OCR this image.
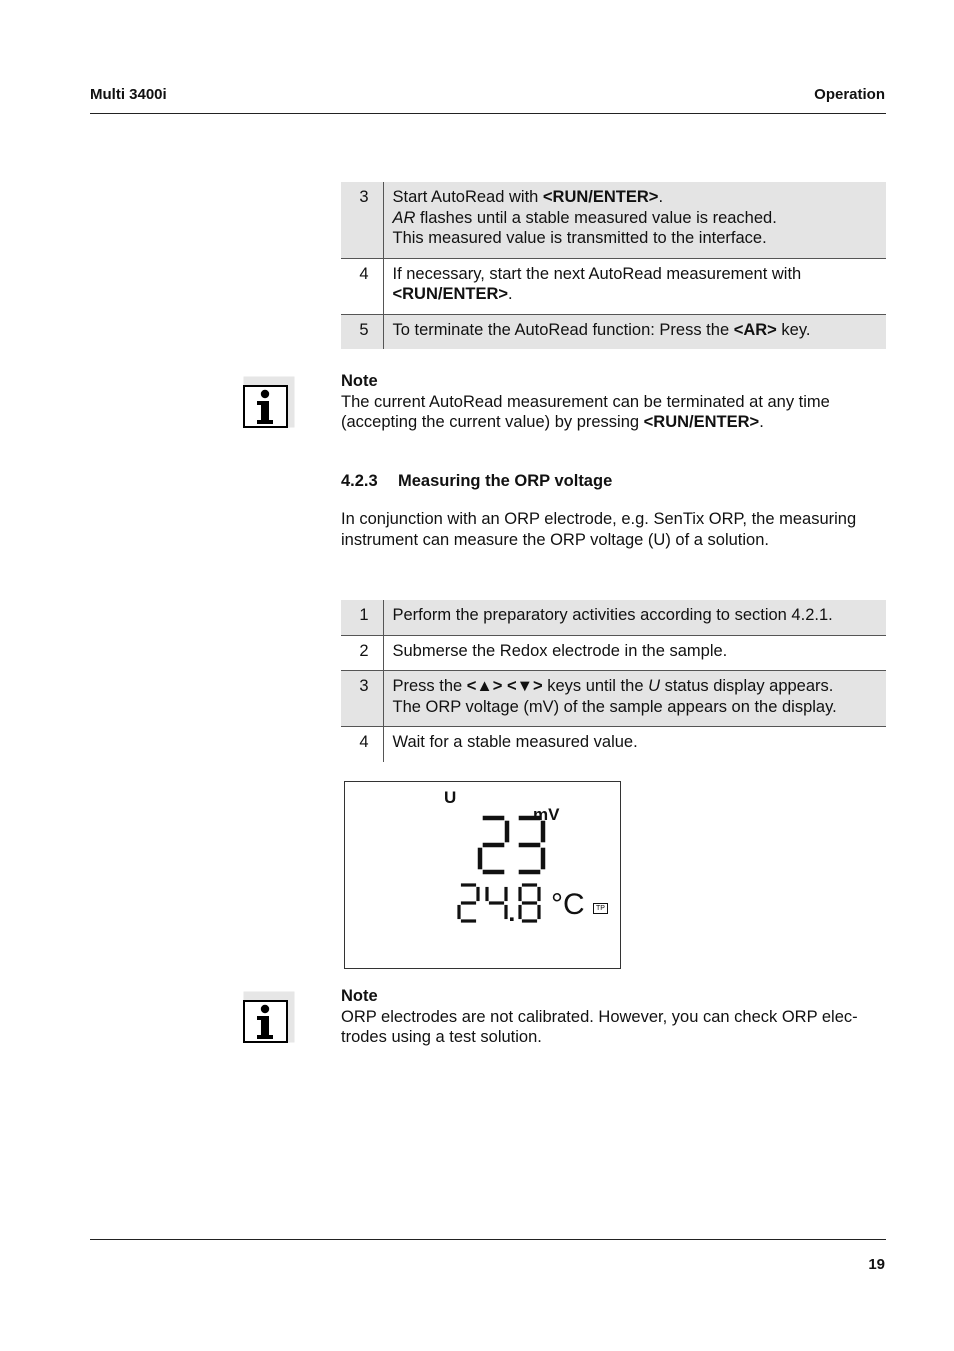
Multi 3400i	Operation
3	Start AutoRead with <RUN/ENTER>.
AR flashes until a stable measured value is reached.
This measured value is transmitted to the interface.

4	If necessary, start the next AutoRead measurement with
<RUN/ENTER>.

5	To terminate the AutoRead function: Press the <AR> key.
Note
The current AutoRead measurement can be terminated at any time
(accepting the current value) by pressing <RUN/ENTER>.
4.2.3 Measuring the ORP voltage
In conjunction with an ORP electrode, e.g. SenTix ORP, the measuring
instrument can measure the ORP voltage (U) of a solution.
1	Perform the preparatory activities according to section 4.2.1.

2	Submerse the Redox electrode in the sample.

3	Press the <▲> <▼> keys until the U status display appears.
The ORP voltage (mV) of the sample appears on the display.

4	Wait for a stable measured value.
U
mV
°C	TP
Note
ORP electrodes are not calibrated. However, you can check ORP elec-
trodes using a test solution.
19
